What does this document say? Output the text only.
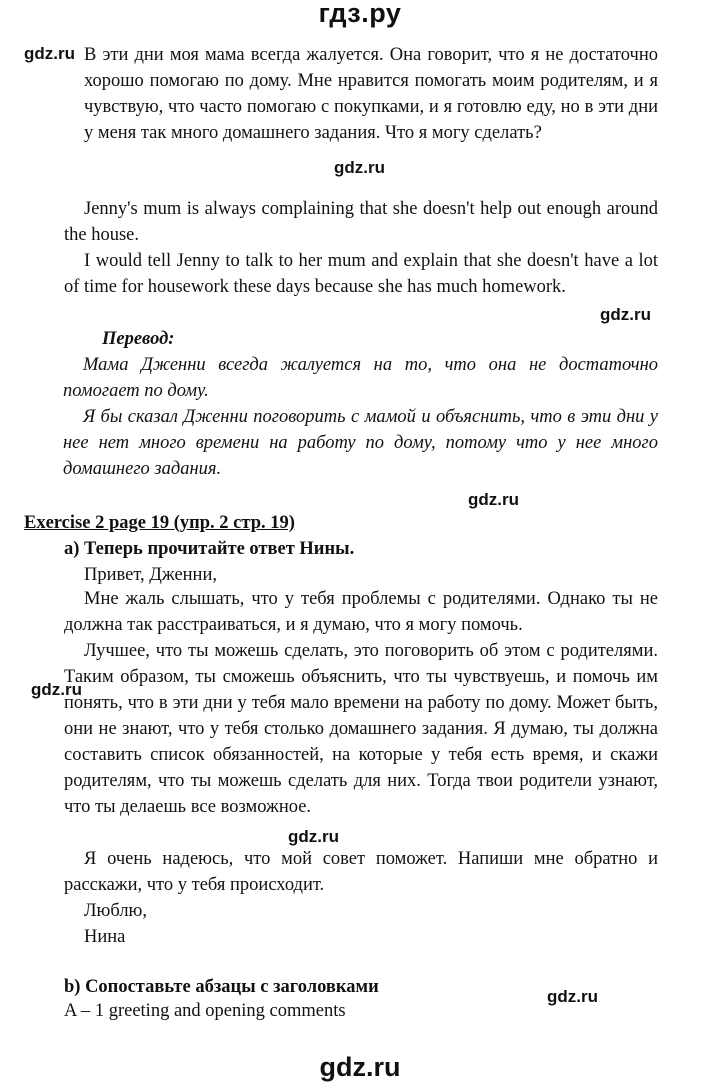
гдз.ру
gdz.ru
gdz.ru
gdz.ru
gdz.ru
gdz.ru
gdz.ru
gdz.ru
В эти дни моя мама всегда жалуется. Она говорит, что я не достаточно хорошо помогаю по дому. Мне нравится помогать моим родителям, и я чувствую, что часто помогаю с покупками, и я готовлю еду, но в эти дни у меня так много домашнего задания. Что я могу сделать?
Jenny's mum is always complaining that she doesn't help out enough around the house.
I would tell Jenny to talk to her mum and explain that she doesn't have a lot of time for housework these days because she has much homework.
Перевод:
Мама Дженни всегда жалуется на то, что она не достаточно помогает по дому.
Я бы сказал Дженни поговорить с мамой и объяснить, что в эти дни у нее нет много времени на работу по дому, потому что у нее много домашнего задания.
Exercise 2 page 19 (упр. 2 стр. 19)
a) Теперь прочитайте ответ Нины.
Привет, Дженни,
Мне жаль слышать, что у тебя проблемы с родителями. Однако ты не должна так расстраиваться, и я думаю, что я могу помочь.
Лучшее, что ты можешь сделать, это поговорить об этом с родителями. Таким образом, ты сможешь объяснить, что ты чувствуешь, и помочь им понять, что в эти дни у тебя мало времени на работу по дому. Может быть, они не знают, что у тебя столько домашнего задания. Я думаю, ты должна составить список обязанностей, на которые у тебя есть время, и скажи родителям, что ты можешь сделать для них. Тогда твои родители узнают, что ты делаешь все возможное.
Я очень надеюсь, что мой совет поможет. Напиши мне обратно и расскажи, что у тебя происходит.
Люблю,
Нина
b) Сопоставьте абзацы с заголовками
A – 1 greeting and opening comments
gdz.ru
